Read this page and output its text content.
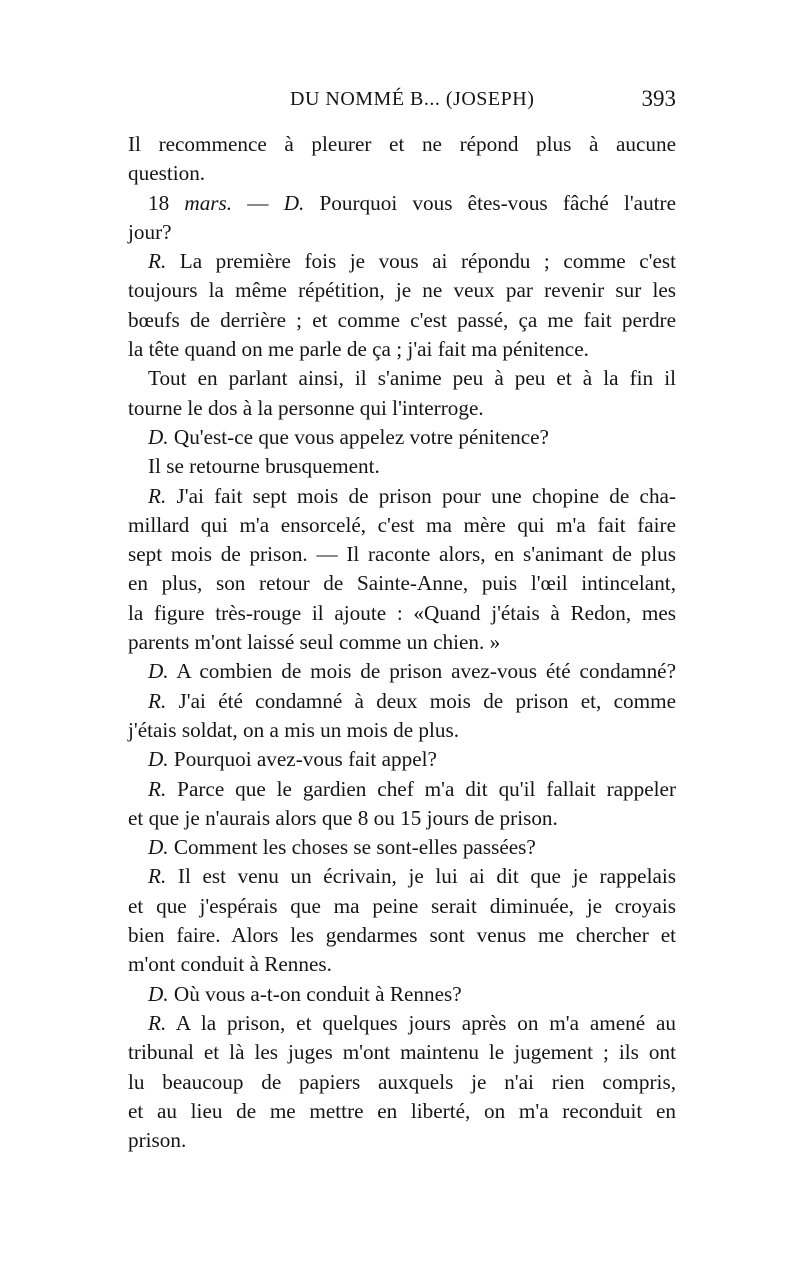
DU NOMMÉ B... (JOSEPH)	393
Il recommence à pleurer et ne répond plus à aucune
question.
18 mars. — D. Pourquoi vous êtes-vous fâché l'autre
jour?
R. La première fois je vous ai répondu ; comme c'est
toujours la même répétition, je ne veux par revenir sur les
bœufs de derrière ; et comme c'est passé, ça me fait perdre
la tête quand on me parle de ça ; j'ai fait ma pénitence.
Tout en parlant ainsi, il s'anime peu à peu et à la fin il
tourne le dos à la personne qui l'interroge.
D. Qu'est-ce que vous appelez votre pénitence?
Il se retourne brusquement.
R. J'ai fait sept mois de prison pour une chopine de cha-
millard qui m'a ensorcelé, c'est ma mère qui m'a fait faire
sept mois de prison. — Il raconte alors, en s'animant de plus
en plus, son retour de Sainte-Anne, puis l'œil intincelant,
la figure très-rouge il ajoute : «Quand j'étais à Redon, mes
parents m'ont laissé seul comme un chien. »
D. A combien de mois de prison avez-vous été condamné?
R. J'ai été condamné à deux mois de prison et, comme
j'étais soldat, on a mis un mois de plus.
D. Pourquoi avez-vous fait appel?
R. Parce que le gardien chef m'a dit qu'il fallait rappeler
et que je n'aurais alors que 8 ou 15 jours de prison.
D. Comment les choses se sont-elles passées?
R. Il est venu un écrivain, je lui ai dit que je rappelais
et que j'espérais que ma peine serait diminuée, je croyais
bien faire. Alors les gendarmes sont venus me chercher et
m'ont conduit à Rennes.
D. Où vous a-t-on conduit à Rennes?
R. A la prison, et quelques jours après on m'a amené au
tribunal et là les juges m'ont maintenu le jugement ; ils ont
lu beaucoup de papiers auxquels je n'ai rien compris,
et au lieu de me mettre en liberté, on m'a reconduit en
prison.
